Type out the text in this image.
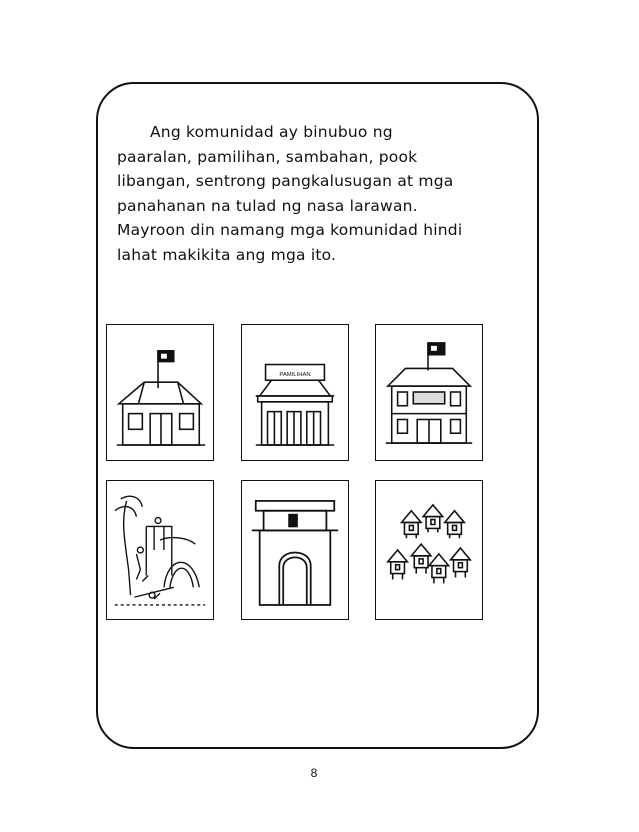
Ang komunidad ay binubuo ng
paaralan, pamilihan, sambahan, pook
libangan, sentrong pangkalusugan at mga
panahanan na tulad ng nasa larawan.
Mayroon din namang mga komunidad hindi
lahat makikita ang mga ito.
PAMILIHAN
8
